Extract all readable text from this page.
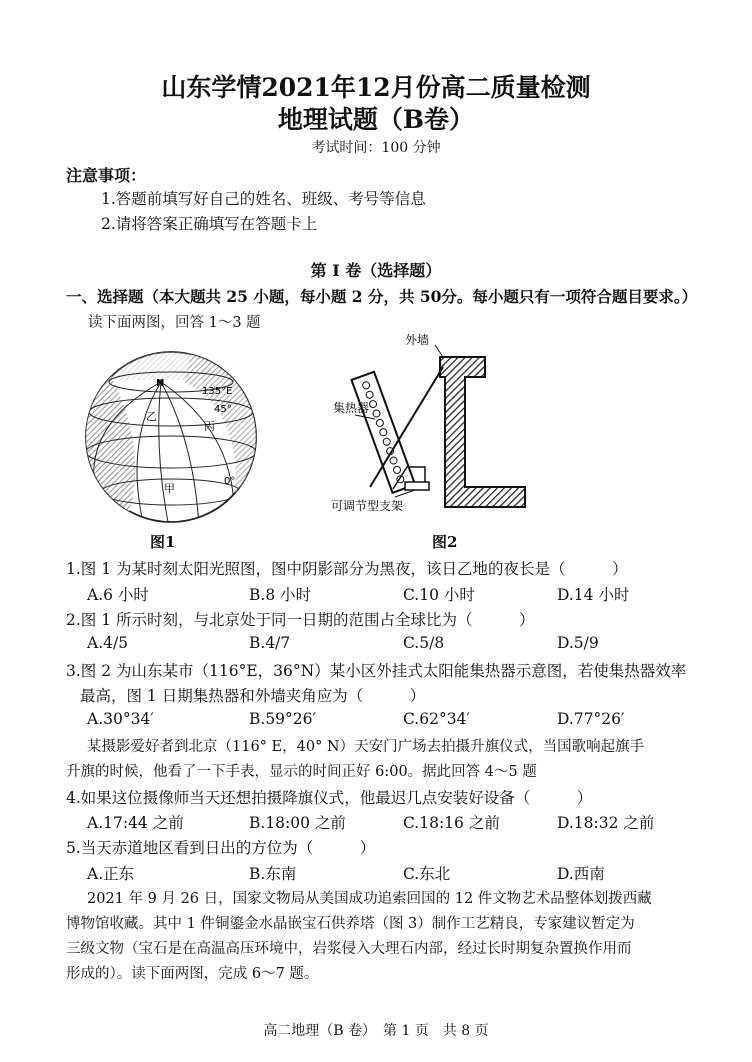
山东学情2021年12月份高二质量检测
地理试题（B卷）
考试时间：100 分钟
注意事项：
1.答题前填写好自己的姓名、班级、考号等信息
2.请将答案正确填写在答题卡上
第 I 卷（选择题）
一、选择题（本大题共 25 小题，每小题 2 分，共 50分。每小题只有一项符合题目要求。）
读下面两图，回答 1～3 题
N
135°E
45°
乙
丙
甲
0°
图1
外墙
集热器
可调节型支架
图2
1.图 1 为某时刻太阳光照图，图中阴影部分为黑夜，该日乙地的夜长是（　　　）
A.6 小时	B.8 小时	C.10 小时	D.14 小时
2.图 1 所示时刻，与北京处于同一日期的范围占全球比为（　　　）
A.4/5	B.4/7	C.5/8	D.5/9
3.图 2 为山东某市（116°E，36°N）某小区外挂式太阳能集热器示意图，若使集热器效率
最高，图 1 日期集热器和外墙夹角应为（　　　）
A.30°34′	B.59°26′	C.62°34′	D.77°26′
某摄影爱好者到北京（116° E，40° N）天安门广场去拍摄升旗仪式，当国歌响起旗手
升旗的时候，他看了一下手表，显示的时间正好 6:00。据此回答 4～5 题
4.如果这位摄像师当天还想拍摄降旗仪式，他最迟几点安装好设备（　　　）
A.17:44 之前	B.18:00 之前	C.18:16 之前	D.18:32 之前
5.当天赤道地区看到日出的方位为（　　　）
A.正东	B.东南	C.东北	D.西南
2021 年 9 月 26 日，国家文物局从美国成功追索回国的 12 件文物艺术品整体划拨西藏
博物馆收藏。其中 1 件铜鎏金水晶嵌宝石供养塔（图 3）制作工艺精良，专家建议暂定为
三级文物（宝石是在高温高压环境中，岩浆侵入大理石内部，经过长时期复杂置换作用而
形成的）。读下面两图，完成 6～7 题。
高二地理（B 卷）　第 1 页　共 8 页
